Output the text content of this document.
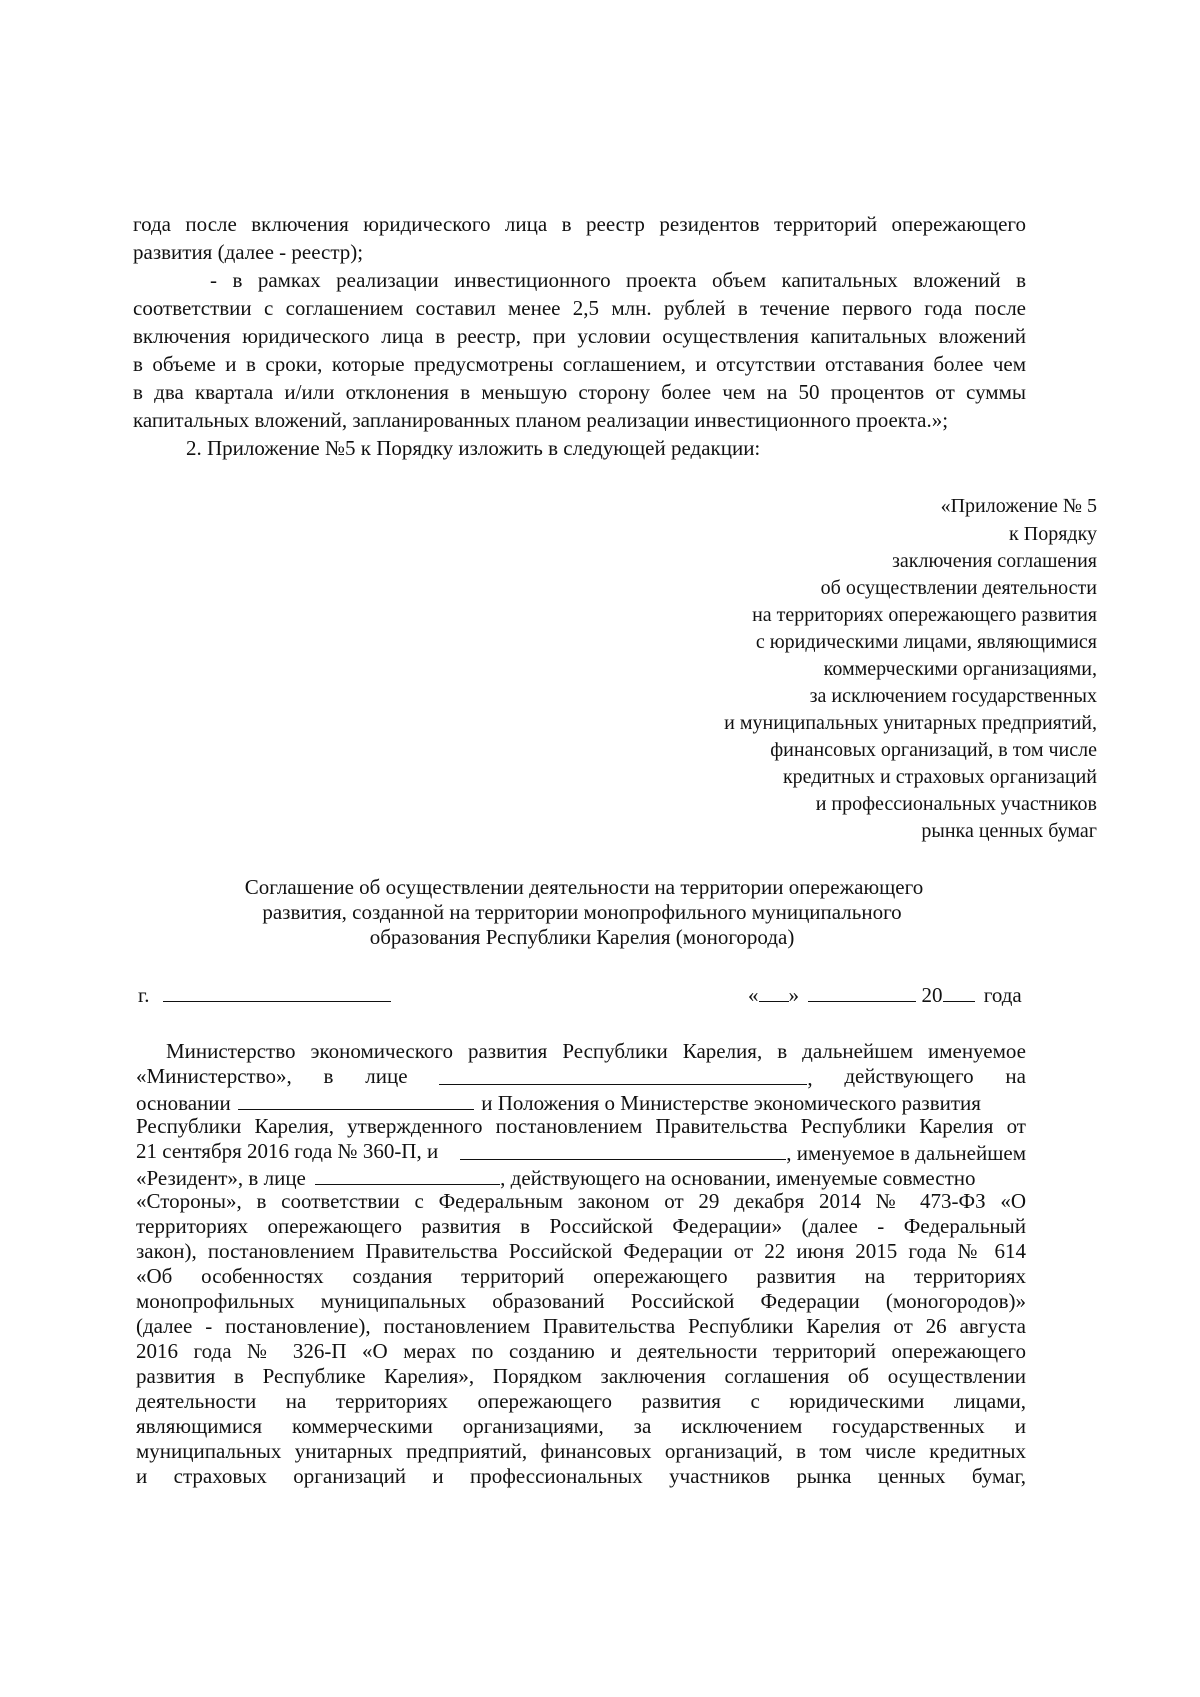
года после включения юридического лица в реестр резидентов территорий опережающего
развития (далее - реестр);
- в рамках реализации инвестиционного проекта объем капитальных вложений в
соответствии с соглашением составил менее 2,5 млн. рублей в течение первого года после
включения юридического лица в реестр, при условии осуществления капитальных вложений
в объеме и в сроки, которые предусмотрены соглашением, и отсутствии отставания более чем
в два квартала и/или отклонения в меньшую сторону более чем на 50 процентов от суммы
капитальных вложений, запланированных планом реализации инвестиционного проекта.»;
2. Приложение №5 к Порядку изложить в следующей редакции:
«Приложение № 5
к Порядку
заключения соглашения
об осуществлении деятельности
на территориях опережающего развития
с юридическими лицами, являющимися
коммерческими организациями,
за исключением государственных
и муниципальных унитарных предприятий,
финансовых организаций, в том числе
кредитных и страховых организаций
и профессиональных участников
рынка ценных бумаг
Соглашение об осуществлении деятельности на территории опережающего
развития, созданной на территории монопрофильного муниципального
образования Республики Карелия (моногорода)
г.	« »	20 года
Министерство экономического развития Республики Карелия, в дальнейшем именуемое
«Министерство», в лице	, действующего на
основании	и Положения о Министерстве экономического развития
Республики Карелия, утвержденного постановлением Правительства Республики Карелия от
21 сентября 2016 года № 360-П, и	, именуемое в дальнейшем
«Резидент», в лице	, действующего на основании, именуемые совместно
«Стороны», в соответствии с Федеральным законом от 29 декабря 2014 № 473-ФЗ «О
территориях опережающего развития в Российской Федерации» (далее - Федеральный
закон), постановлением Правительства Российской Федерации от 22 июня 2015 года № 614
«Об особенностях создания территорий опережающего развития на территориях
монопрофильных муниципальных образований Российской Федерации (моногородов)»
(далее - постановление), постановлением Правительства Республики Карелия от 26 августа
2016 года № 326-П «О мерах по созданию и деятельности территорий опережающего
развития в Республике Карелия», Порядком заключения соглашения об осуществлении
деятельности на территориях опережающего развития с юридическими лицами,
являющимися коммерческими организациями, за исключением государственных и
муниципальных унитарных предприятий, финансовых организаций, в том числе кредитных
и страховых организаций и профессиональных участников рынка ценных бумаг,
